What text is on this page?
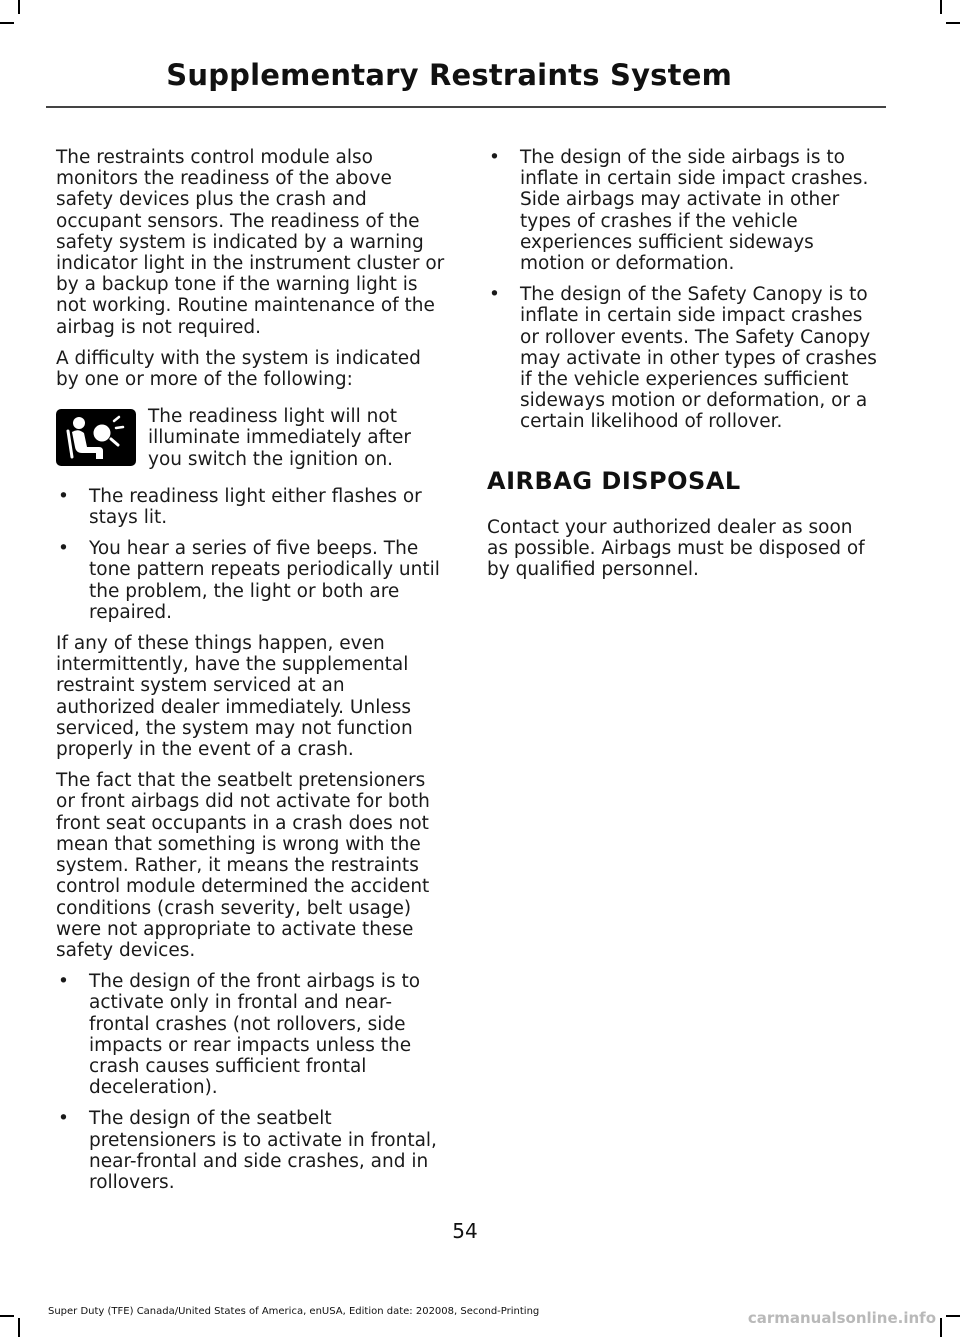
Supplementary Restraints System

The restraints control module also monitors the readiness of the above safety devices plus the crash and occupant sensors. The readiness of the safety system is indicated by a warning indicator light in the instrument cluster or by a backup tone if the warning light is not working. Routine maintenance of the airbag is not required.

A difficulty with the system is indicated by one or more of the following:

The readiness light will not illuminate immediately after you switch the ignition on.
• The readiness light either flashes or stays lit.
• You hear a series of five beeps. The tone pattern repeats periodically until the problem, the light or both are repaired.

If any of these things happen, even intermittently, have the supplemental restraint system serviced at an authorized dealer immediately. Unless serviced, the system may not function properly in the event of a crash.

The fact that the seatbelt pretensioners or front airbags did not activate for both front seat occupants in a crash does not mean that something is wrong with the system. Rather, it means the restraints control module determined the accident conditions (crash severity, belt usage) were not appropriate to activate these safety devices.

• The design of the front airbags is to activate only in frontal and near-frontal crashes (not rollovers, side impacts or rear impacts unless the crash causes sufficient frontal deceleration).
• The design of the seatbelt pretensioners is to activate in frontal, near-frontal and side crashes, and in rollovers.
• The design of the side airbags is to inflate in certain side impact crashes. Side airbags may activate in other types of crashes if the vehicle experiences sufficient sideways motion or deformation.
• The design of the Safety Canopy is to inflate in certain side impact crashes or rollover events. The Safety Canopy may activate in other types of crashes if the vehicle experiences sufficient sideways motion or deformation, or a certain likelihood of rollover.
AIRBAG DISPOSAL

Contact your authorized dealer as soon as possible. Airbags must be disposed of by qualified personnel.

54
Super Duty (TFE) Canada/United States of America, enUSA, Edition date: 202008, Second-Printing	carmanualsonline.info
